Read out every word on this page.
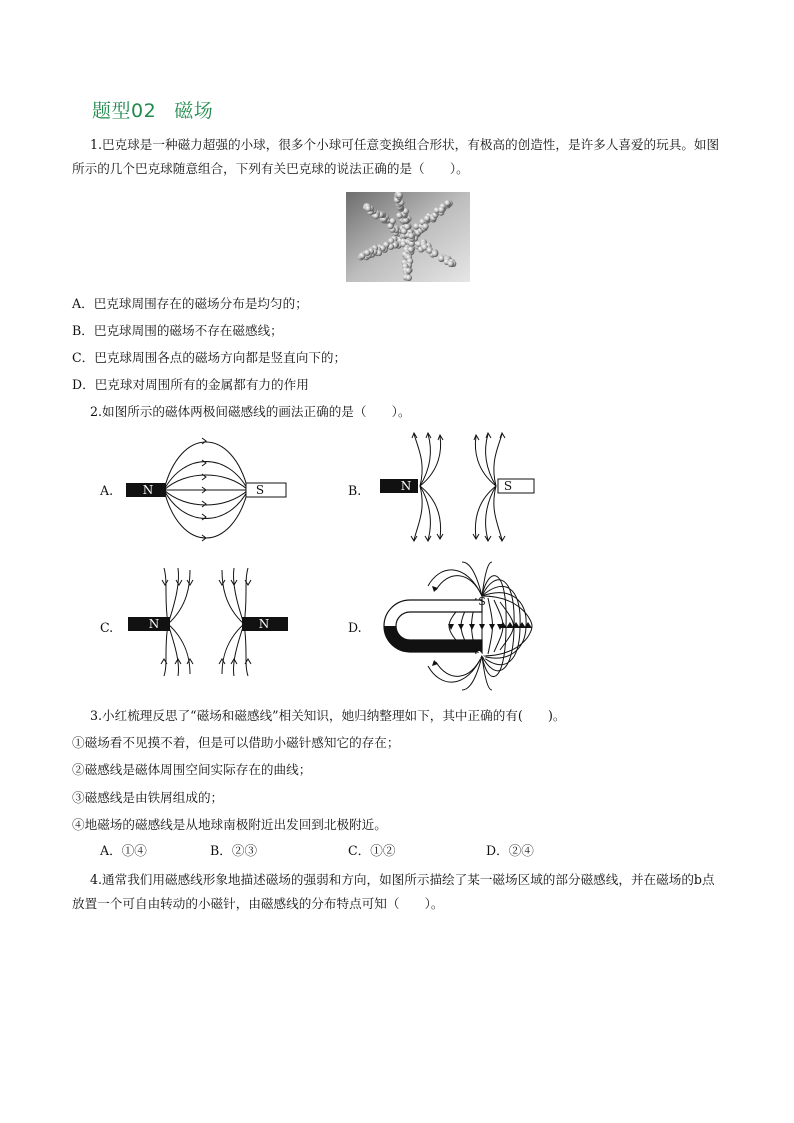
题型02 磁场
1.巴克球是一种磁力超强的小球，很多个小球可任意变换组合形状，有极高的创造性，是许多人喜爱的玩具。如图所示的几个巴克球随意组合，下列有关巴克球的说法正确的是（　　）。
A．巴克球周围存在的磁场分布是均匀的；
B．巴克球周围的磁场不存在磁感线；
C．巴克球周围各点的磁场方向都是竖直向下的；
D．巴克球对周围所有的金属都有力的作用
2.如图所示的磁体两极间磁感线的画法正确的是（　　）。
A.	B.
C.	D.
N	S	N	S
N	N
S
N
3.小红梳理反思了“磁场和磁感线”相关知识，她归纳整理如下，其中正确的有(　　)。
①磁场看不见摸不着，但是可以借助小磁针感知它的存在；
②磁感线是磁体周围空间实际存在的曲线；
③磁感线是由铁屑组成的；
④地磁场的磁感线是从地球南极附近出发回到北极附近。
A．①④	B．②③	C．①②	D．②④
4.通常我们用磁感线形象地描述磁场的强弱和方向，如图所示描绘了某一磁场区域的部分磁感线，并在磁场的b点放置一个可自由转动的小磁针，由磁感线的分布特点可知（　　）。
